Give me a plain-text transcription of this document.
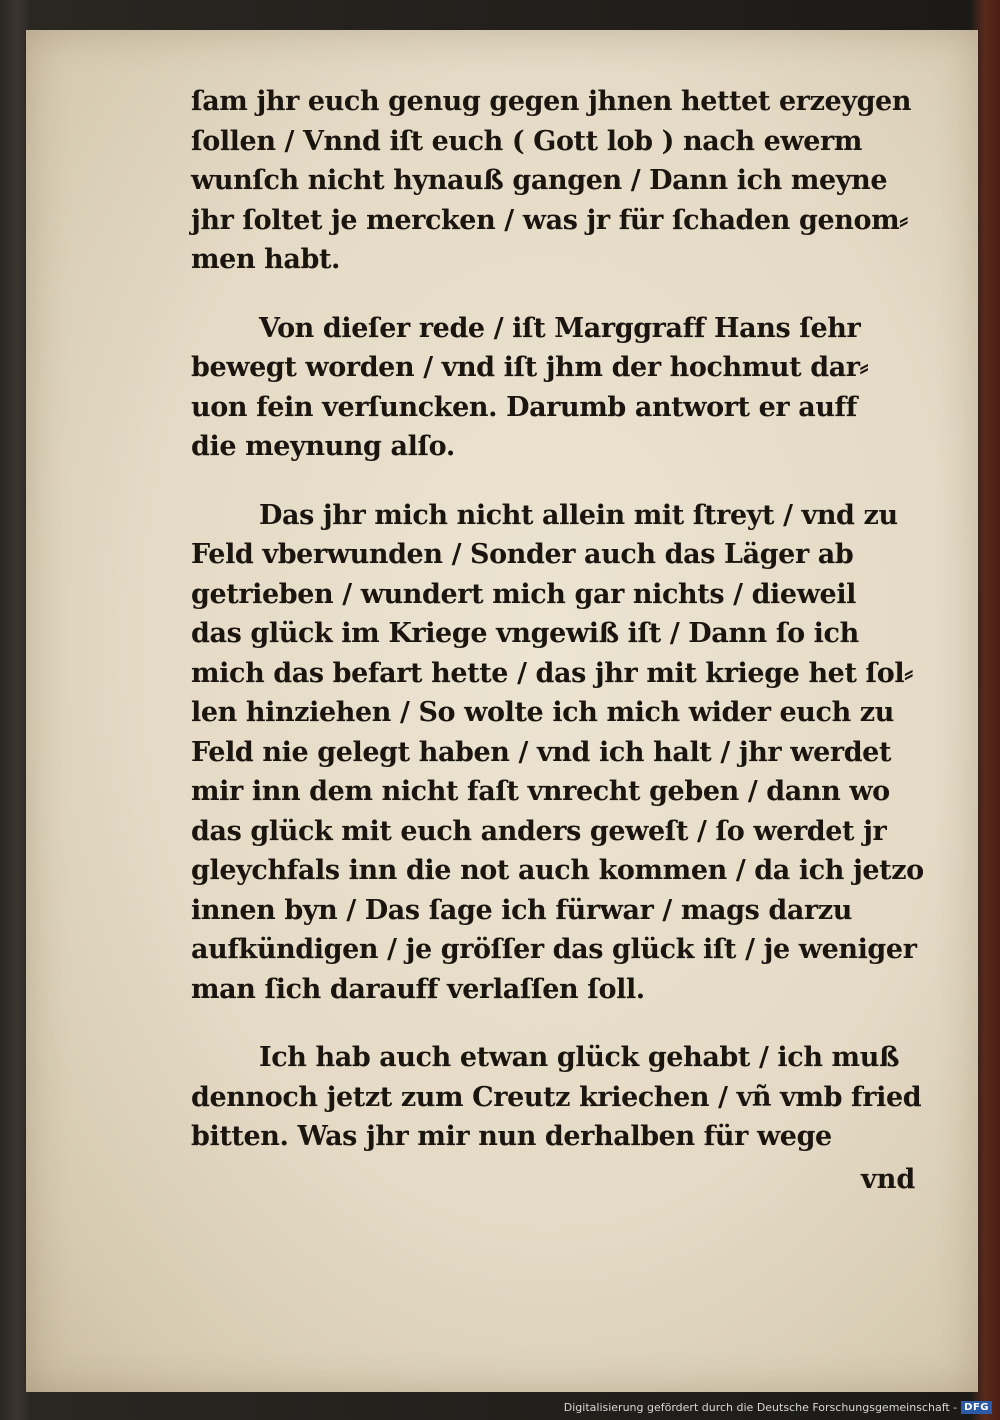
ſam jhr euch genug gegen jhnen hettet erzeygen
ſollen / Vnnd iſt euch ( Gott lob ) nach ewerm
wunſch nicht hynauß gangen / Dann ich meyne
jhr ſoltet je mercken / was jr für ſchaden genom⸗
men habt.
Von dieſer rede / iſt Marggraff Hans ſehr
bewegt worden / vnd iſt jhm der hochmut dar⸗
uon fein verſuncken. Darumb antwort er auff
die meynung alſo.
Das jhr mich nicht allein mit ſtreyt / vnd zu
Feld vberwunden / Sonder auch das Läger ab
getrieben / wundert mich gar nichts / dieweil
das glück im Kriege vngewiß iſt / Dann ſo ich
mich das befart hette / das jhr mit kriege het ſol⸗
len hinziehen / So wolte ich mich wider euch zu
Feld nie gelegt haben / vnd ich halt / jhr werdet
mir inn dem nicht faſt vnrecht geben / dann wo
das glück mit euch anders geweſt / ſo werdet jr
gleychfals inn die not auch kommen / da ich jetzo
innen byn / Das ſage ich fürwar / mags darzu
aufkündigen / je gröſſer das glück iſt / je weniger
man ſich darauff verlaſſen ſoll.
Ich hab auch etwan glück gehabt / ich muß
dennoch jetzt zum Creutz kriechen / vñ vmb fried
bitten. Was jhr mir nun derhalben für wege
vnd
Digitalisierung gefördert durch die Deutsche Forschungsgemeinschaft - DFG
